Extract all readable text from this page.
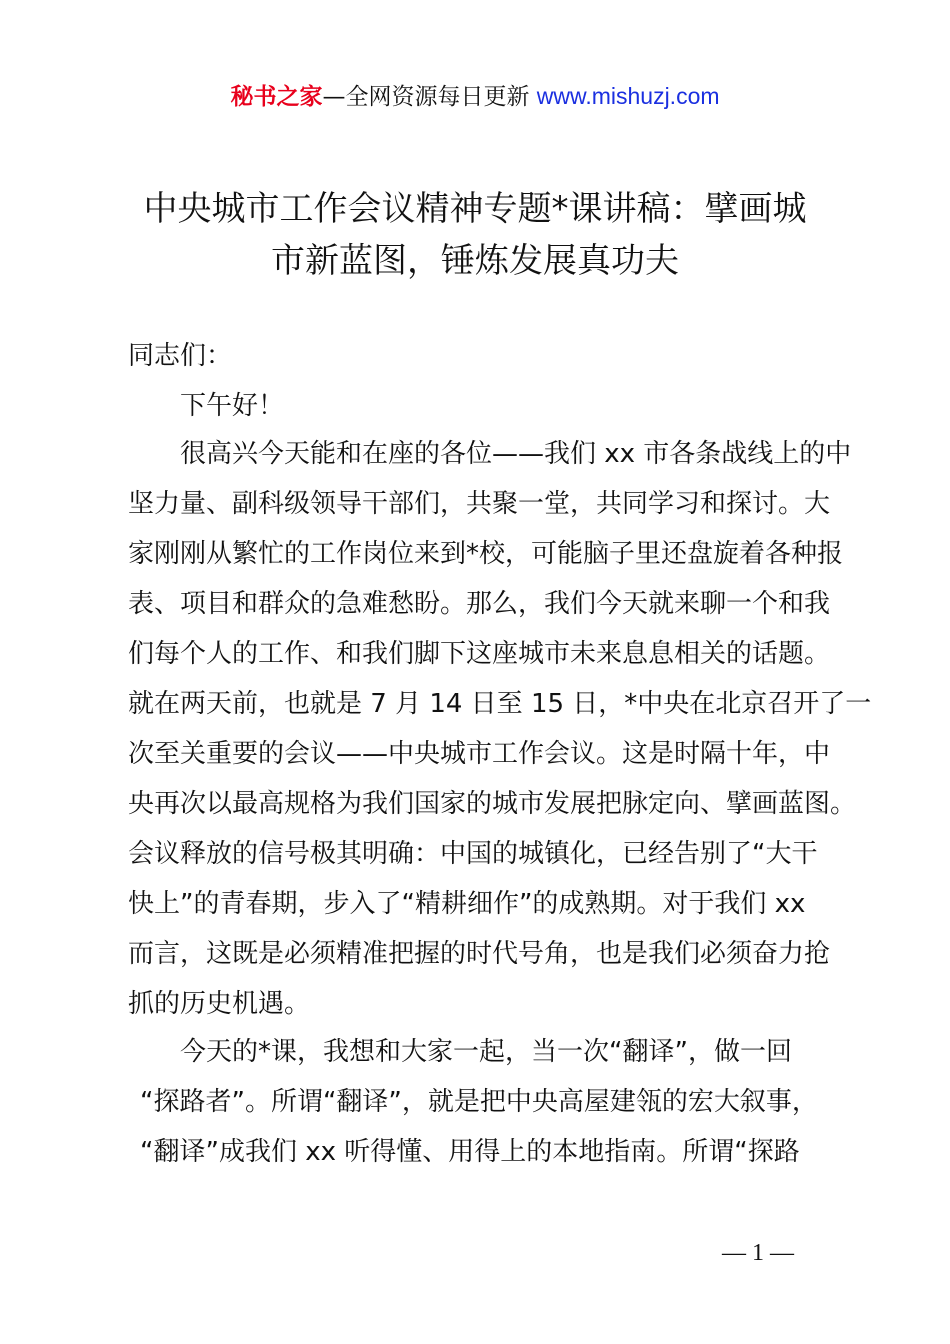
秘书之家—全网资源每日更新 www.mishuzj.com
中央城市工作会议精神专题*课讲稿：擘画城
市新蓝图，锤炼发展真功夫
同志们：
下午好！
很高兴今天能和在座的各位——我们 xx 市各条战线上的中
坚力量、副科级领导干部们，共聚一堂，共同学习和探讨。大
家刚刚从繁忙的工作岗位来到*校，可能脑子里还盘旋着各种报
表、项目和群众的急难愁盼。那么，我们今天就来聊一个和我
们每个人的工作、和我们脚下这座城市未来息息相关的话题。
就在两天前，也就是 7 月 14 日至 15 日，*中央在北京召开了一
次至关重要的会议——中央城市工作会议。这是时隔十年，中
央再次以最高规格为我们国家的城市发展把脉定向、擘画蓝图。
会议释放的信号极其明确：中国的城镇化，已经告别了“大干
快上”的青春期，步入了“精耕细作”的成熟期。对于我们 xx
而言，这既是必须精准把握的时代号角，也是我们必须奋力抢
抓的历史机遇。
今天的*课，我想和大家一起，当一次“翻译”，做一回
“探路者”。所谓“翻译”，就是把中央高屋建瓴的宏大叙事，
“翻译”成我们 xx 听得懂、用得上的本地指南。所谓“探路
— 1 —
